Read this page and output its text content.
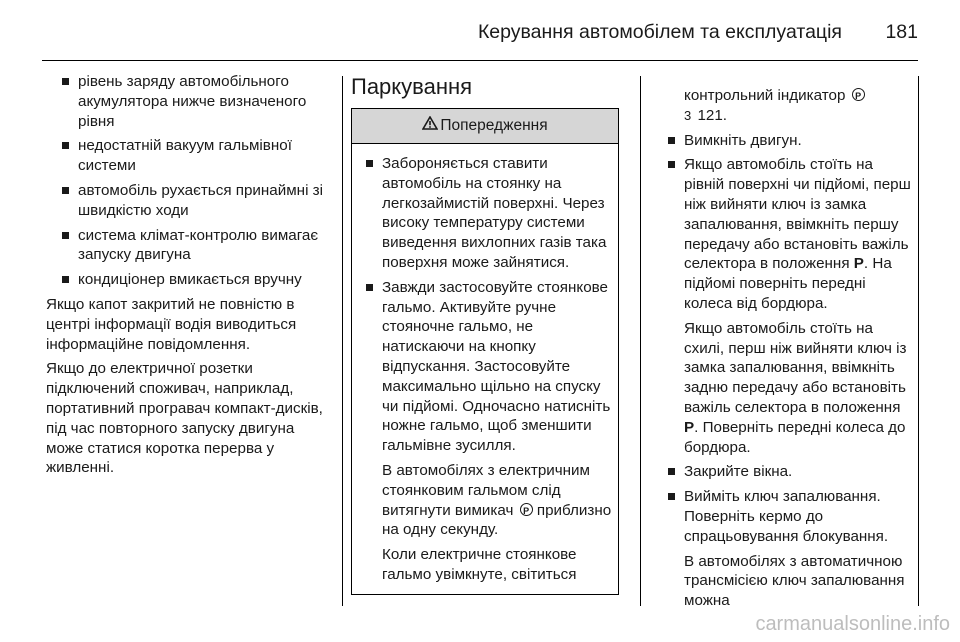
Керування автомобілем та експлуатація 181
рівень заряду автомобільного акумулятора нижче визначеного рівня
недостатній вакуум гальмівної системи
автомобіль рухається принаймні зі швидкістю ходи
система клімат-контролю вимагає запуску двигуна
кондиціонер вмикається вручну

Якщо капот закритий не повністю в центрі інформації водія виводиться інформаційне повідомлення.

Якщо до електричної розетки підключений споживач, наприклад, портативний програвач компакт-дисків, під час повторного запуску двигуна може статися коротка перерва у живленні.

Паркування
Попередження
Забороняється ставити автомобіль на стоянку на легкозаймистій поверхні. Через високу температуру системи виведення вихлопних газів така поверхня може зайнятися.
Завжди застосовуйте стоянкове гальмо. Активуйте ручне стояночне гальмо, не натискаючи на кнопку відпускання. Застосовуйте максимально щільно на спуску чи підйомі. Одночасно натисніть ножне гальмо, щоб зменшити гальмівне зусилля.
В автомобілях з електричним стоянковим гальмом слід витягнути вимикач P приблизно на одну секунду.
Коли електричне стоянкове гальмо увімкнуте, світиться
контрольний індикатор P
3 121.
Вимкніть двигун.
Якщо автомобіль стоїть на рівній поверхні чи підйомі, перш ніж вийняти ключ із замка запалювання, ввімкніть першу передачу або встановіть важіль селектора в положення P. На підйомі поверніть передні колеса від бордюра.
Якщо автомобіль стоїть на схилі, перш ніж вийняти ключ із замка запалювання, ввімкніть задню передачу або встановіть важіль селектора в положення P. Поверніть передні колеса до бордюра.
Закрийте вікна.
Вийміть ключ запалювання. Поверніть кермо до спрацьовування блокування.
В автомобілях з автоматичною трансмісією ключ запалювання можна
carmanualsonline.info
